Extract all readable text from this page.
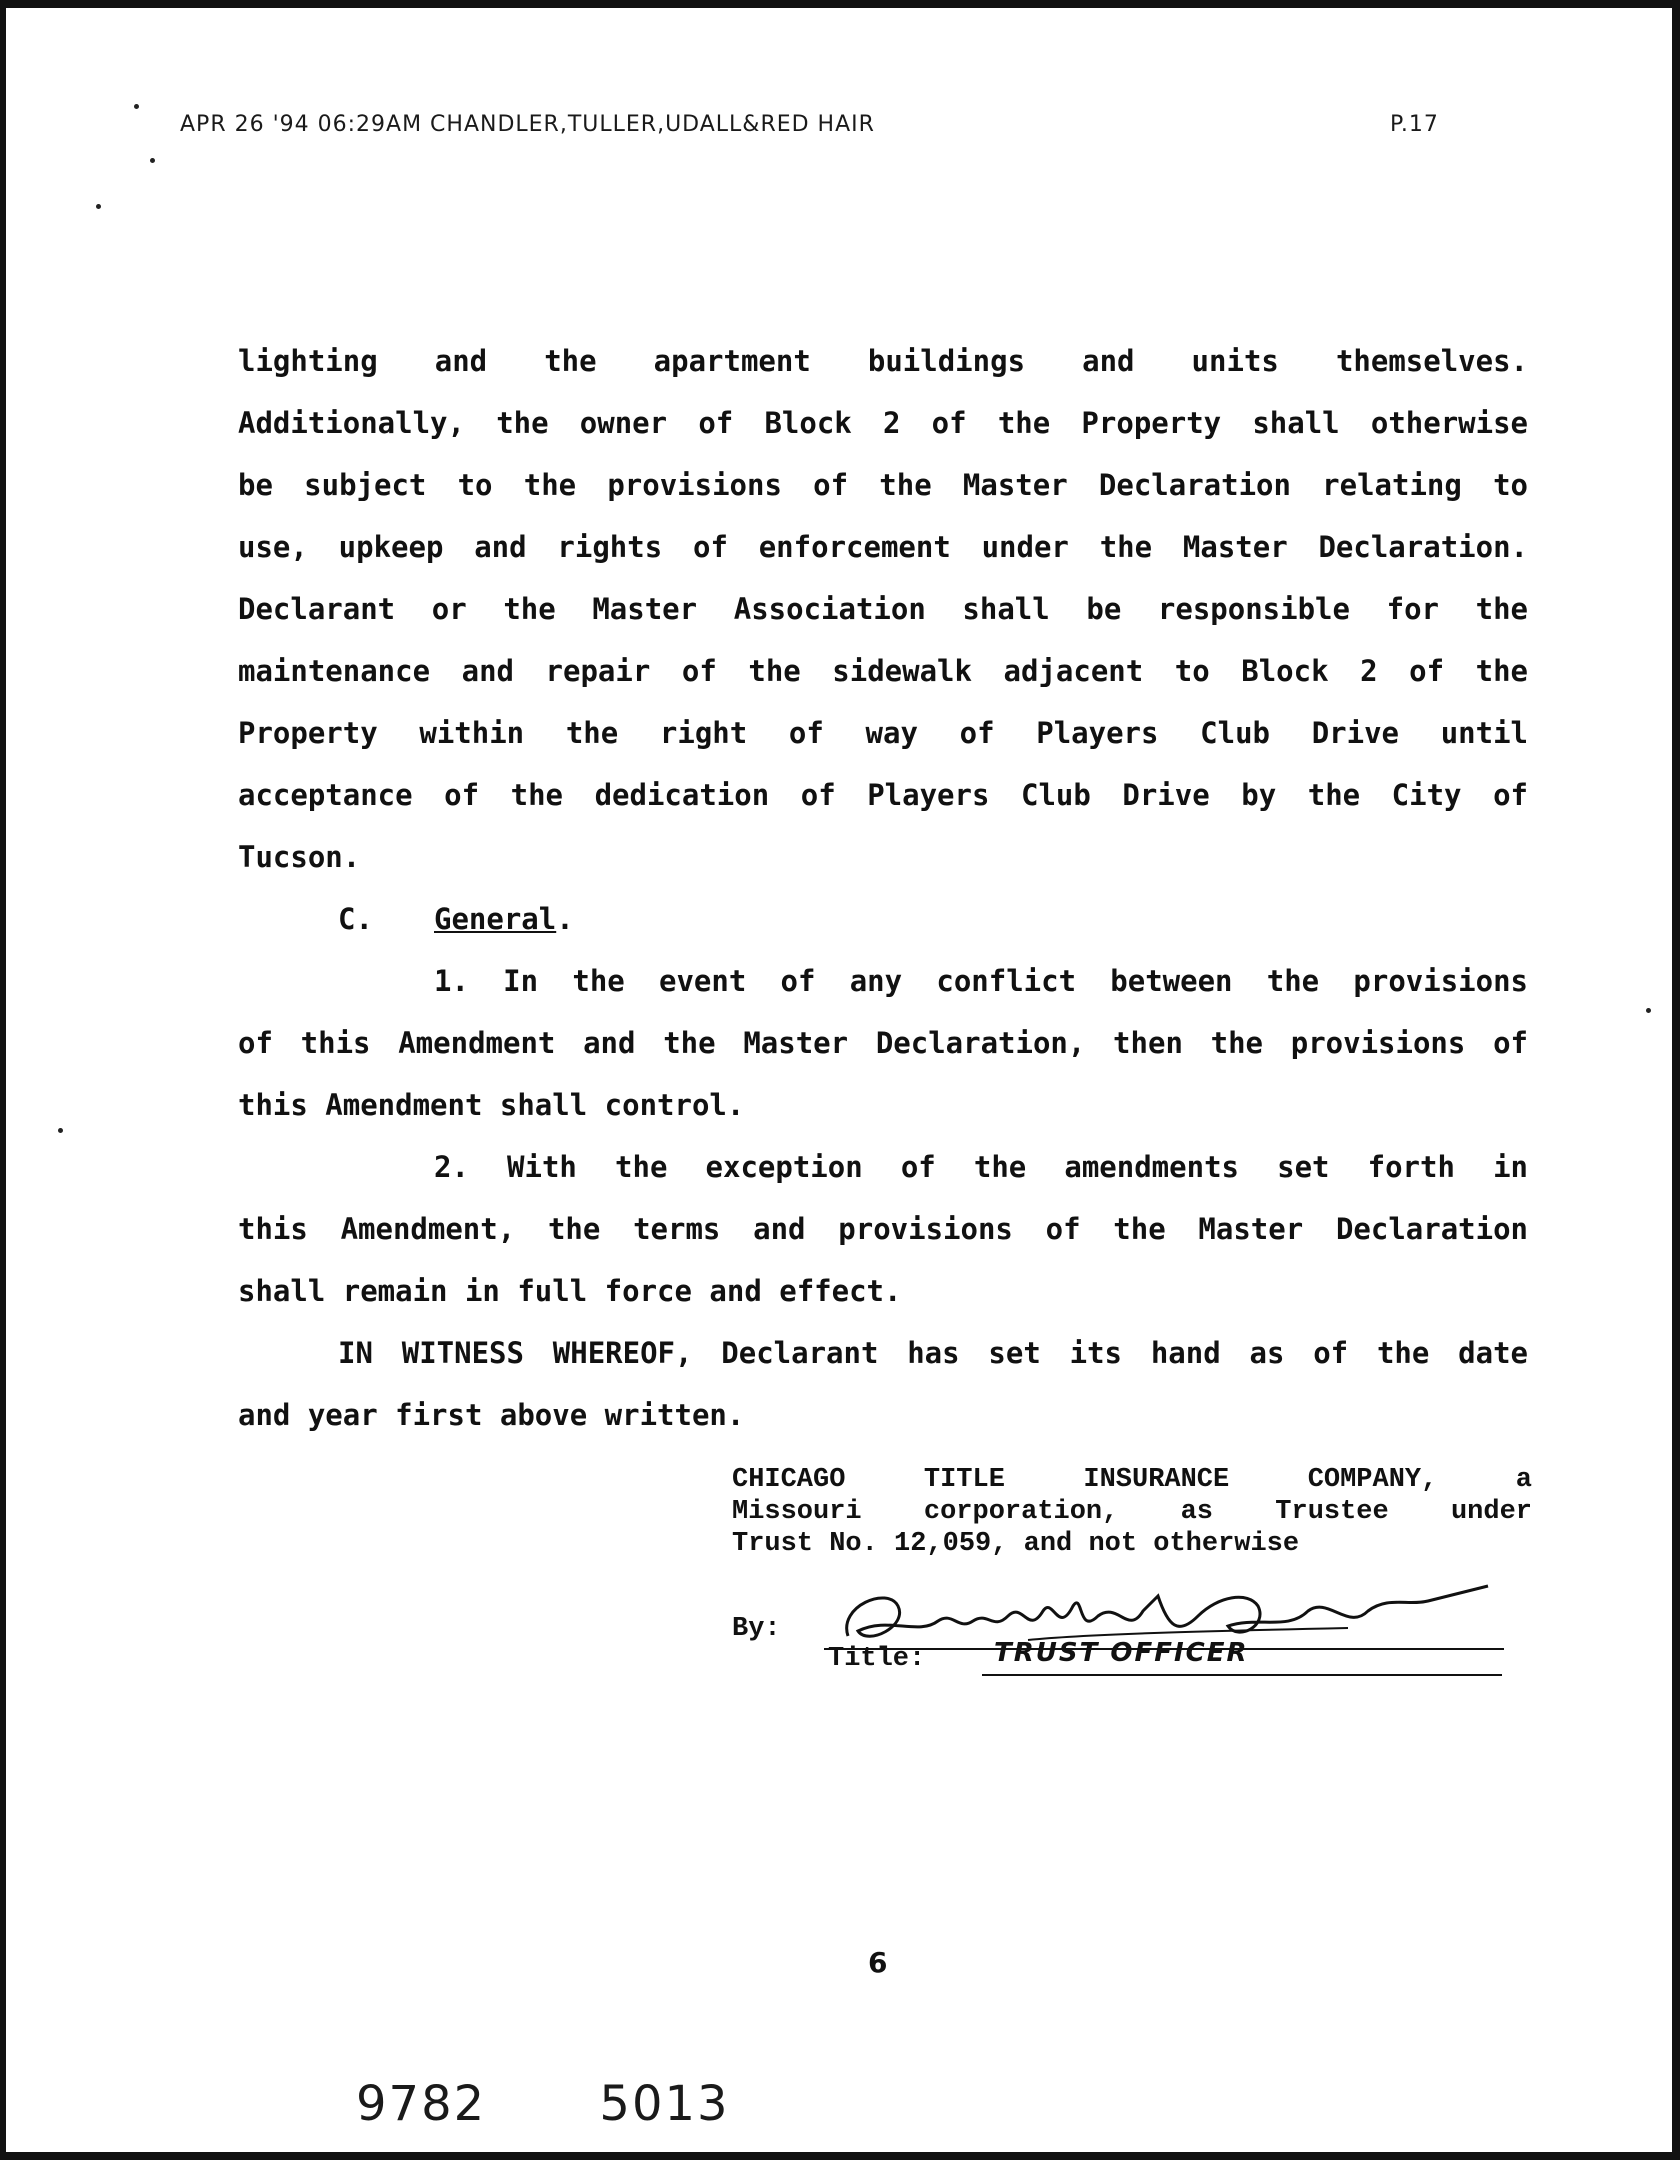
APR 26 '94 06:29AM CHANDLER,TULLER,UDALL&RED HAIR	P.17
lighting and the apartment buildings and units themselves.
Additionally, the owner of Block 2 of the Property shall otherwise
be subject to the provisions of the Master Declaration relating to
use, upkeep and rights of enforcement under the Master Declaration.
Declarant or the Master Association shall be responsible for the
maintenance and repair of the sidewalk adjacent to Block 2 of the
Property within the right of way of Players Club Drive until
acceptance of the dedication of Players Club Drive by the City of
Tucson.
C. General.
1. In the event of any conflict between the provisions
of this Amendment and the Master Declaration, then the provisions of
this Amendment shall control.
2. With the exception of the amendments set forth in
this Amendment, the terms and provisions of the Master Declaration
shall remain in full force and effect.
IN WITNESS WHEREOF, Declarant has set its hand as of the date
and year first above written.
CHICAGO TITLE INSURANCE COMPANY, a
Missouri corporation, as Trustee under
Trust No. 12,059, and not otherwise
By:
Title:	TRUST OFFICER
6
9782 5013
